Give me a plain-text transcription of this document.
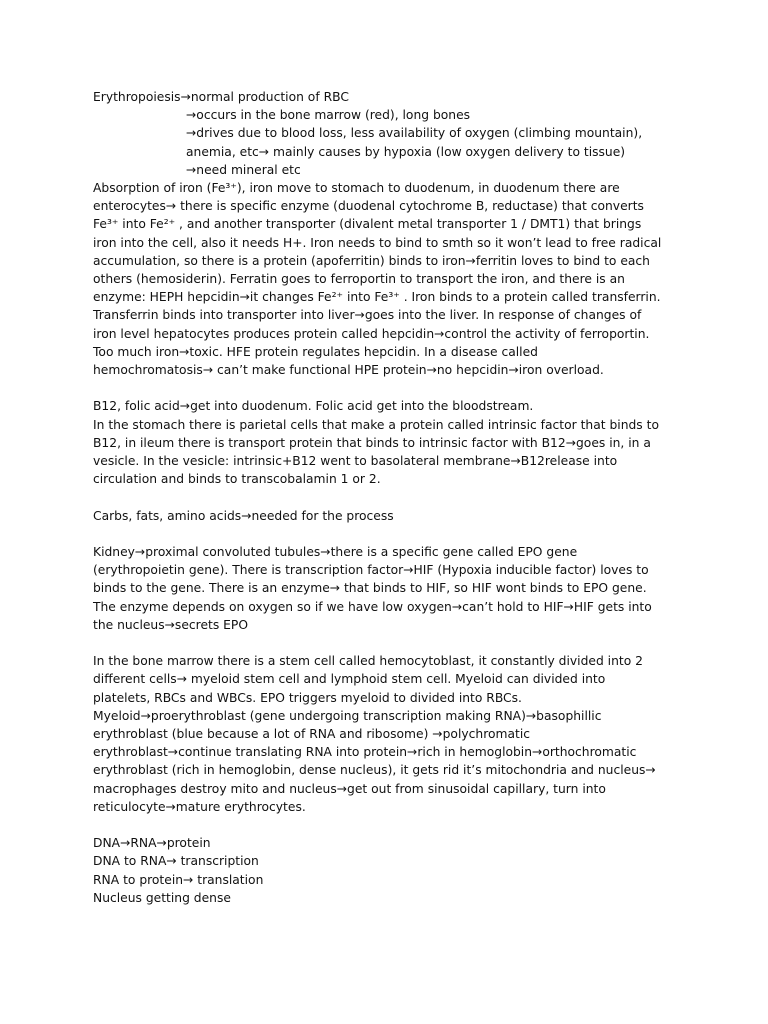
Erythropoiesis→normal production of RBC
→occurs in the bone marrow (red), long bones
→drives due to blood loss, less availability of oxygen (climbing mountain),
anemia, etc→ mainly causes by hypoxia (low oxygen delivery to tissue)
→need mineral etc
Absorption of iron (Fe³⁺), iron move to stomach to duodenum, in duodenum there are
enterocytes→ there is specific enzyme (duodenal cytochrome B, reductase) that converts
Fe³⁺ into Fe²⁺ , and another transporter (divalent metal transporter 1 / DMT1) that brings
iron into the cell, also it needs H+. Iron needs to bind to smth so it won’t lead to free radical
accumulation, so there is a protein (apoferritin) binds to iron→ferritin loves to bind to each
others (hemosiderin). Ferratin goes to ferroportin to transport the iron, and there is an
enzyme: HEPH hepcidin→it changes Fe²⁺ into Fe³⁺ . Iron binds to a protein called transferrin.
Transferrin binds into transporter into liver→goes into the liver. In response of changes of
iron level hepatocytes produces protein called hepcidin→control the activity of ferroportin.
Too much iron→toxic. HFE protein regulates hepcidin. In a disease called
hemochromatosis→ can’t make functional HPE protein→no hepcidin→iron overload.
B12, folic acid→get into duodenum. Folic acid get into the bloodstream.
In the stomach there is parietal cells that make a protein called intrinsic factor that binds to
B12, in ileum there is transport protein that binds to intrinsic factor with B12→goes in, in a
vesicle. In the vesicle: intrinsic+B12 went to basolateral membrane→B12release into
circulation and binds to transcobalamin 1 or 2.
Carbs, fats, amino acids→needed for the process
Kidney→proximal convoluted tubules→there is a specific gene called EPO gene
(erythropoietin gene). There is transcription factor→HIF (Hypoxia inducible factor) loves to
binds to the gene. There is an enzyme→ that binds to HIF, so HIF wont binds to EPO gene.
The enzyme depends on oxygen so if we have low oxygen→can’t hold to HIF→HIF gets into
the nucleus→secrets EPO
In the bone marrow there is a stem cell called hemocytoblast, it constantly divided into 2
different cells→ myeloid stem cell and lymphoid stem cell. Myeloid can divided into
platelets, RBCs and WBCs. EPO triggers myeloid to divided into RBCs.
Myeloid→proerythroblast (gene undergoing transcription making RNA)→basophillic
erythroblast (blue because a lot of RNA and ribosome) →polychromatic
erythroblast→continue translating RNA into protein→rich in hemoglobin→orthochromatic
erythroblast (rich in hemoglobin, dense nucleus), it gets rid it’s mitochondria and nucleus→
macrophages destroy mito and nucleus→get out from sinusoidal capillary, turn into
reticulocyte→mature erythrocytes.
DNA→RNA→protein
DNA to RNA→ transcription
RNA to protein→ translation
Nucleus getting dense
